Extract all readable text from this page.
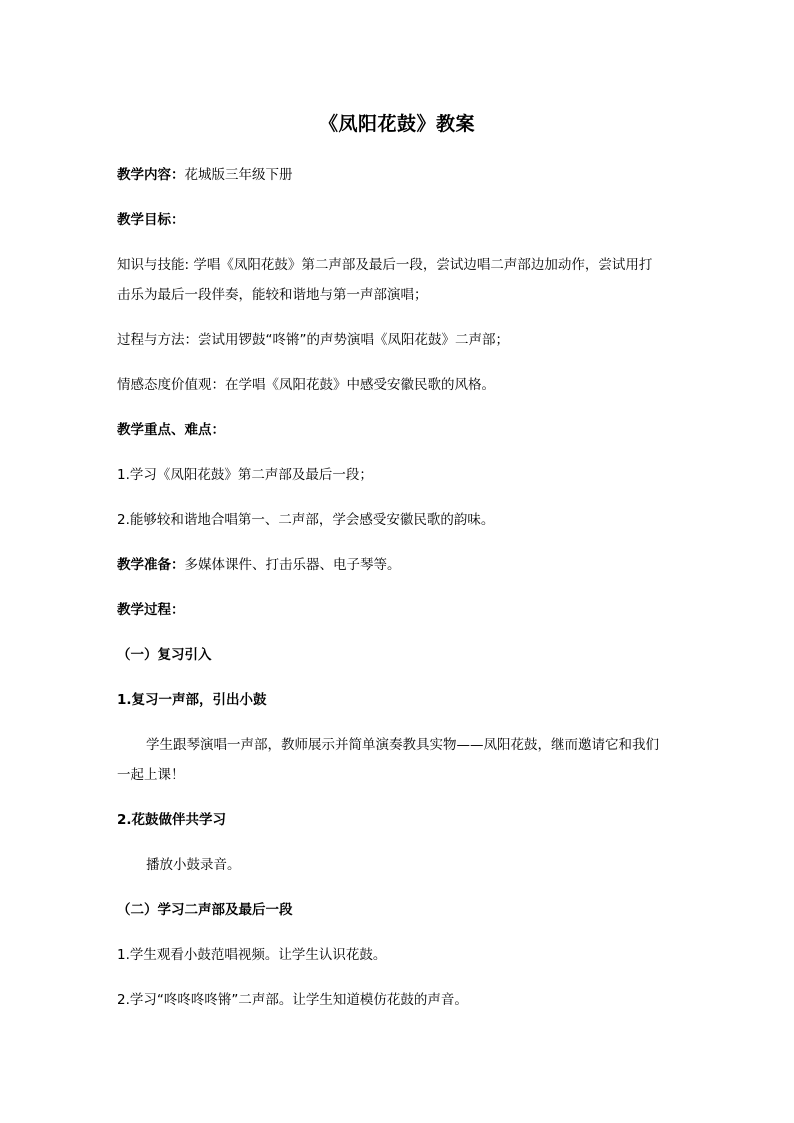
《凤阳花鼓》教案
教学内容：花城版三年级下册
教学目标：
知识与技能: 学唱《凤阳花鼓》第二声部及最后一段，尝试边唱二声部边加动作，尝试用打
击乐为最后一段伴奏，能较和谐地与第一声部演唱；
过程与方法：尝试用锣鼓“咚锵”的声势演唱《凤阳花鼓》二声部；
情感态度价值观：在学唱《凤阳花鼓》中感受安徽民歌的风格。
教学重点、难点：
1.学习《凤阳花鼓》第二声部及最后一段；
2.能够较和谐地合唱第一、二声部，学会感受安徽民歌的韵味。
教学准备：多媒体课件、打击乐器、电子琴等。
教学过程：
（一）复习引入
1.复习一声部，引出小鼓
学生跟琴演唱一声部，教师展示并简单演奏教具实物——凤阳花鼓，继而邀请它和我们
一起上课！
2.花鼓做伴共学习
播放小鼓录音。
（二）学习二声部及最后一段
1.学生观看小鼓范唱视频。让学生认识花鼓。
2.学习“咚咚咚咚锵”二声部。让学生知道模仿花鼓的声音。
